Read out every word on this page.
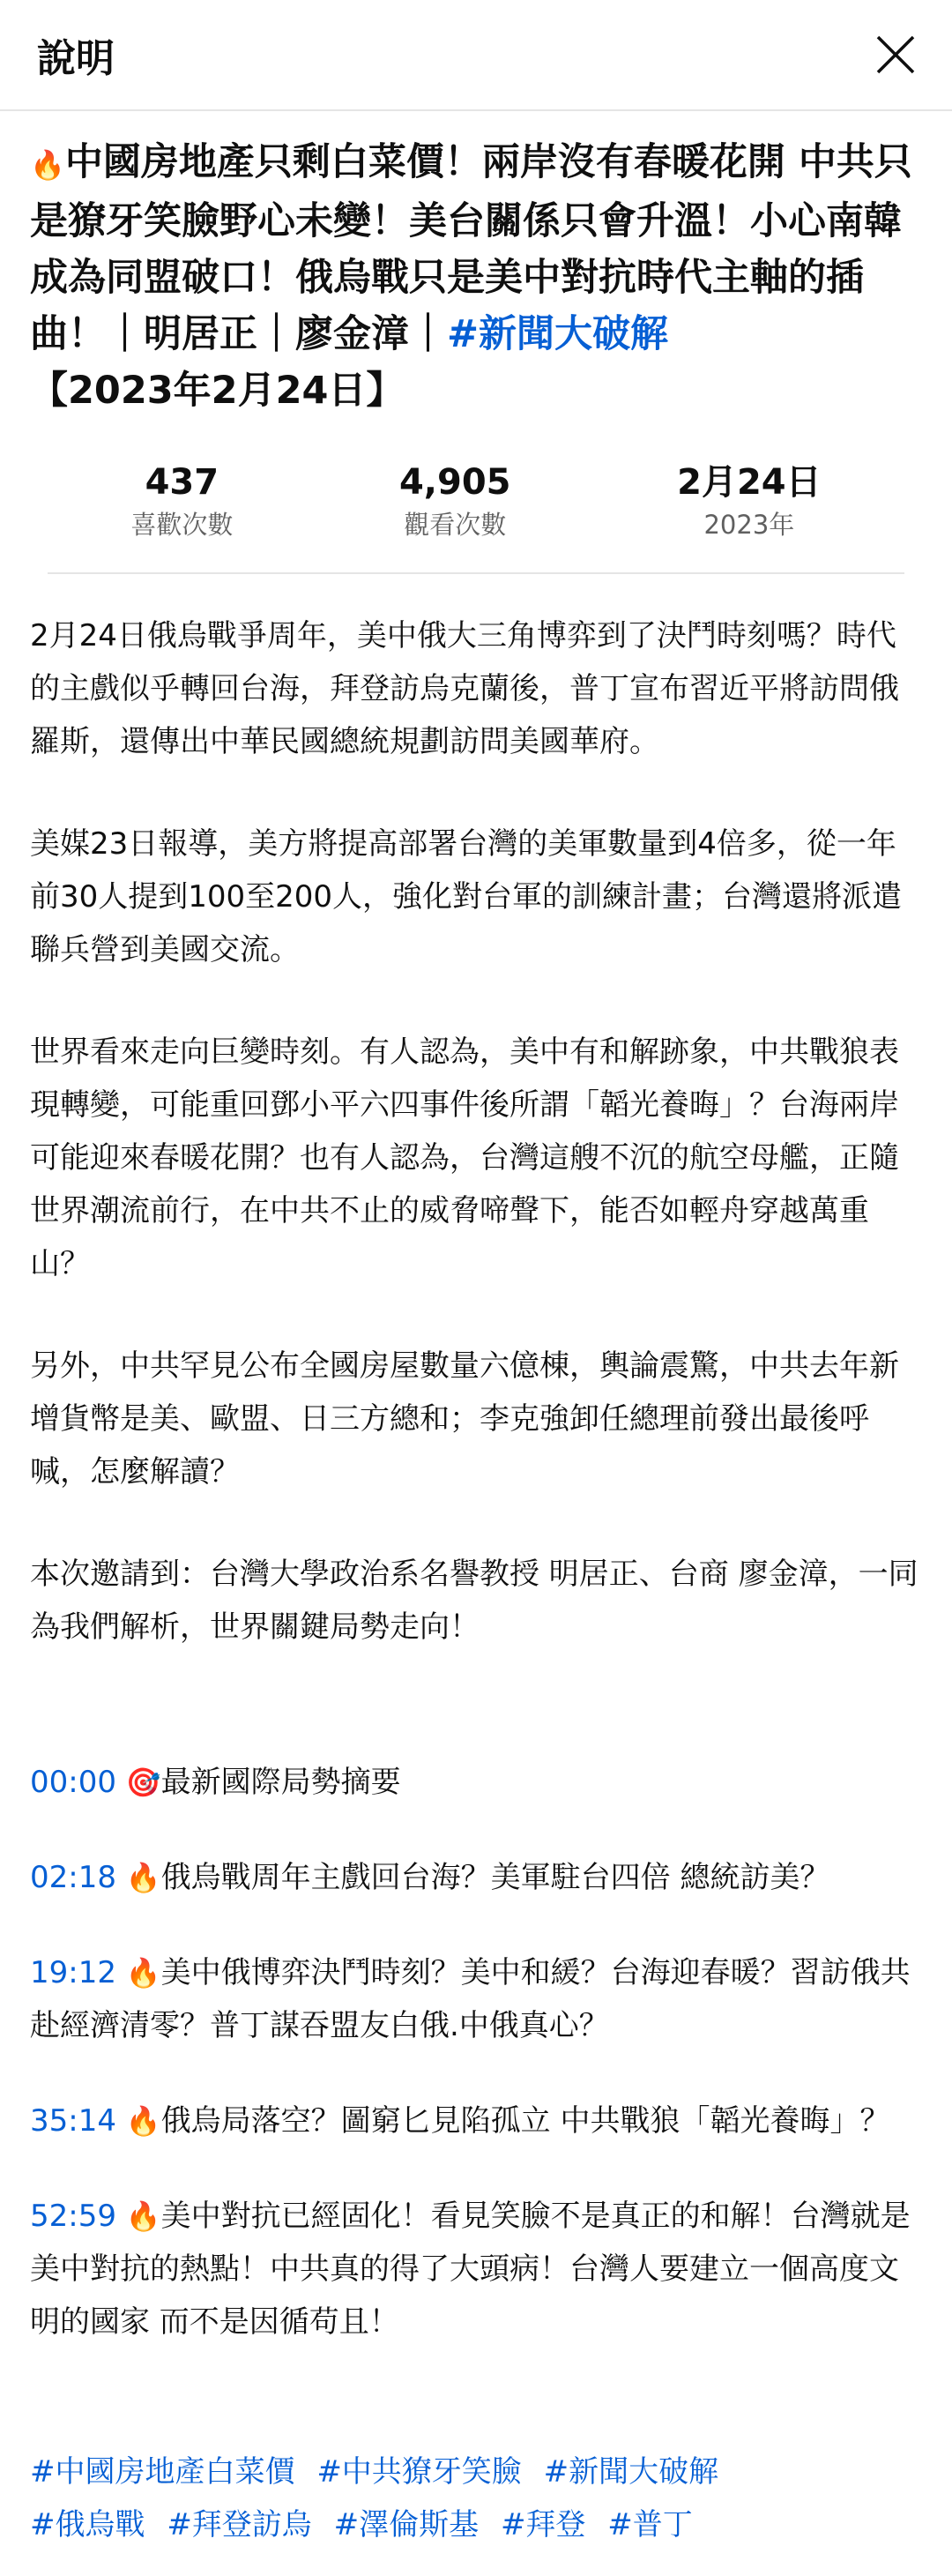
說明
🔥中國房地產只剩白菜價！兩岸沒有春暖花開 中共只是獠牙笑臉野心未變！美台關係只會升溫！小心南韓成為同盟破口！俄烏戰只是美中對抗時代主軸的插曲！｜明居正｜廖金漳｜#新聞大破解
【2023年2月24日】
437
喜歡次數
4,905
觀看次數
2月24日
2023年

2月24日俄烏戰爭周年，美中俄大三角博弈到了決鬥時刻嗎？時代的主戲似乎轉回台海，拜登訪烏克蘭後，普丁宣布習近平將訪問俄羅斯，還傳出中華民國總統規劃訪問美國華府。

美媒23日報導，美方將提高部署台灣的美軍數量到4倍多，從一年前30人提到100至200人，強化對台軍的訓練計畫；台灣還將派遣聯兵營到美國交流。

世界看來走向巨變時刻。有人認為，美中有和解跡象，中共戰狼表現轉變，可能重回鄧小平六四事件後所謂「韜光養晦」？台海兩岸可能迎來春暖花開？也有人認為，台灣這艘不沉的航空母艦，正隨世界潮流前行，在中共不止的威脅啼聲下，能否如輕舟穿越萬重山？

另外，中共罕見公布全國房屋數量六億棟，輿論震驚，中共去年新增貨幣是美、歐盟、日三方總和；李克強卸任總理前發出最後呼喊，怎麼解讀？

本次邀請到：台灣大學政治系名譽教授 明居正、台商 廖金漳，一同為我們解析，世界關鍵局勢走向！

00:00 🎯最新國際局勢摘要

02:18 🔥俄烏戰周年主戲回台海？美軍駐台四倍 總統訪美？

19:12 🔥美中俄博弈決鬥時刻？美中和緩？台海迎春暖？習訪俄共赴經濟清零？普丁謀吞盟友白俄.中俄真心？

35:14 🔥俄烏局落空？圖窮匕見陷孤立 中共戰狼「韜光養晦」？

52:59 🔥美中對抗已經固化！看見笑臉不是真正的和解！台灣就是美中對抗的熱點！中共真的得了大頭病！台灣人要建立一個高度文明的國家 而不是因循苟且！

#中國房地產白菜價 #中共獠牙笑臉 #新聞大破解
#俄烏戰 #拜登訪烏 #澤倫斯基 #拜登 #普丁
